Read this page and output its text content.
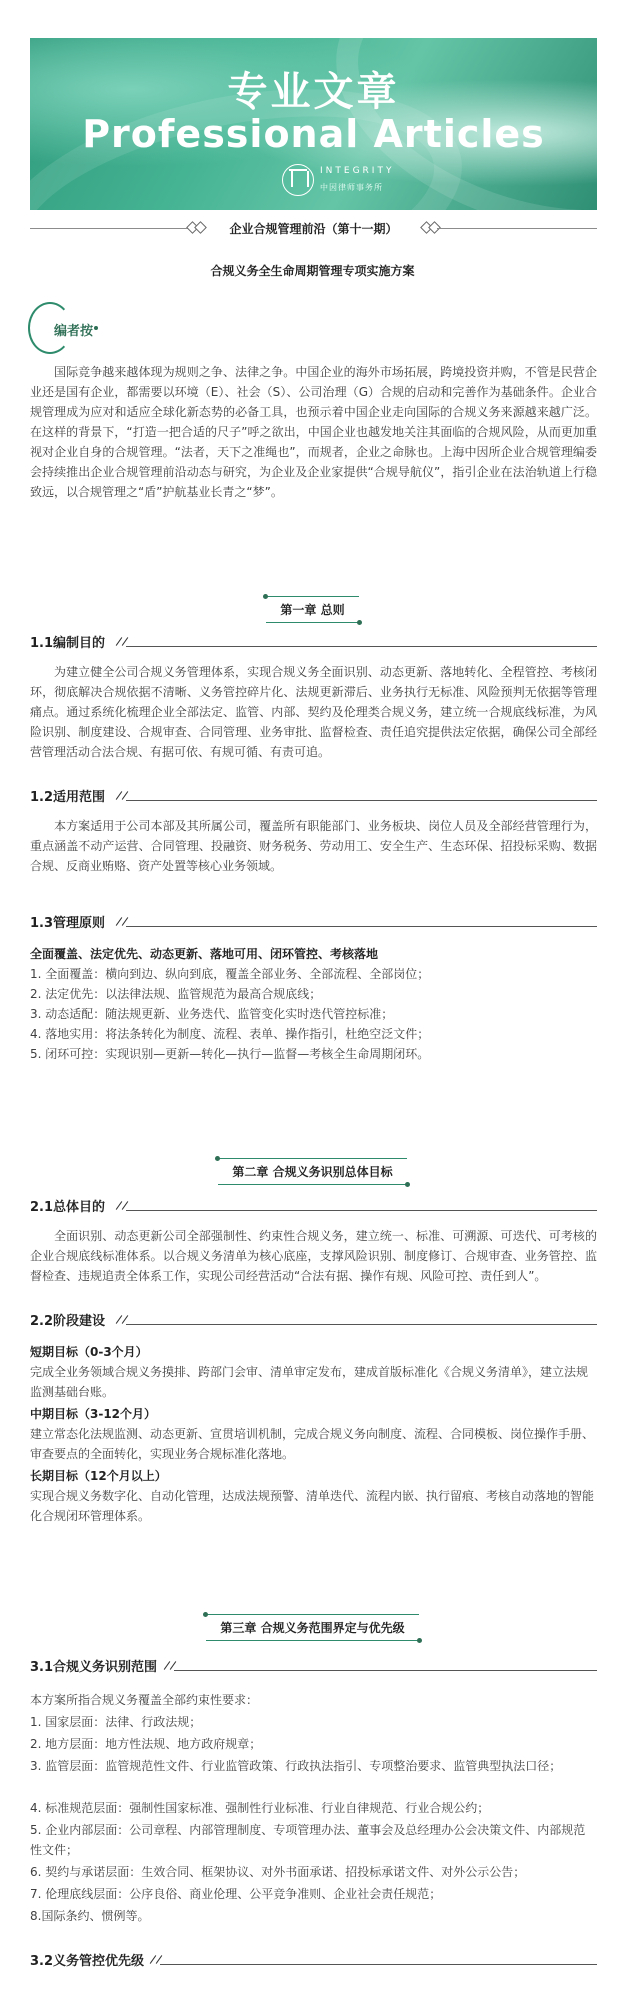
专业文章
Professional Articles
INTEGRITY
中因律师事务所
企业合规管理前沿（第十一期）
合规义务全生命周期管理专项实施方案
编者按
国际竞争越来越体现为规则之争、法律之争。中国企业的海外市场拓展，跨境投资并购，不管是民营企业还是国有企业，都需要以环境（E）、社会（S）、公司治理（G）合规的启动和完善作为基础条件。企业合规管理成为应对和适应全球化新态势的必备工具，也预示着中国企业走向国际的合规义务来源越来越广泛。在这样的背景下，“打造一把合适的尺子”呼之欲出，中国企业也越发地关注其面临的合规风险，从而更加重视对企业自身的合规管理。“法者，天下之准绳也”，而规者，企业之命脉也。上海中因所企业合规管理编委会持续推出企业合规管理前沿动态与研究，为企业及企业家提供“合规导航仪”，指引企业在法治轨道上行稳致远，以合规管理之“盾”护航基业长青之“梦”。
第一章 总则
1.1编制目的
为建立健全公司合规义务管理体系，实现合规义务全面识别、动态更新、落地转化、全程管控、考核闭环，彻底解决合规依据不清晰、义务管控碎片化、法规更新滞后、业务执行无标准、风险预判无依据等管理痛点。通过系统化梳理企业全部法定、监管、内部、契约及伦理类合规义务，建立统一合规底线标准，为风险识别、制度建设、合规审查、合同管理、业务审批、监督检查、责任追究提供法定依据，确保公司全部经营管理活动合法合规、有据可依、有规可循、有责可追。
1.2适用范围
本方案适用于公司本部及其所属公司，覆盖所有职能部门、业务板块、岗位人员及全部经营管理行为，重点涵盖不动产运营、合同管理、投融资、财务税务、劳动用工、安全生产、生态环保、招投标采购、数据合规、反商业贿赂、资产处置等核心业务领域。
1.3管理原则
全面覆盖、法定优先、动态更新、落地可用、闭环管控、考核落地
1. 全面覆盖：横向到边、纵向到底，覆盖全部业务、全部流程、全部岗位；
2. 法定优先：以法律法规、监管规范为最高合规底线；
3. 动态适配：随法规更新、业务迭代、监管变化实时迭代管控标准；
4. 落地实用：将法条转化为制度、流程、表单、操作指引，杜绝空泛文件；
5. 闭环可控：实现识别—更新—转化—执行—监督—考核全生命周期闭环。
第二章 合规义务识别总体目标
2.1总体目的
全面识别、动态更新公司全部强制性、约束性合规义务，建立统一、标准、可溯源、可迭代、可考核的企业合规底线标准体系。以合规义务清单为核心底座，支撑风险识别、制度修订、合规审查、业务管控、监督检查、违规追责全体系工作，实现公司经营活动“合法有据、操作有规、风险可控、责任到人”。
2.2阶段建设
短期目标（0-3个月）
完成全业务领域合规义务摸排、跨部门会审、清单审定发布，建成首版标准化《合规义务清单》，建立法规监测基础台账。
中期目标（3-12个月）
建立常态化法规监测、动态更新、宣贯培训机制，完成合规义务向制度、流程、合同模板、岗位操作手册、审查要点的全面转化，实现业务合规标准化落地。
长期目标（12个月以上）
实现合规义务数字化、自动化管理，达成法规预警、清单迭代、流程内嵌、执行留痕、考核自动落地的智能化合规闭环管理体系。
第三章 合规义务范围界定与优先级
3.1合规义务识别范围
本方案所指合规义务覆盖全部约束性要求：
1. 国家层面：法律、行政法规；
2. 地方层面：地方性法规、地方政府规章；
3. 监管层面：监管规范性文件、行业监管政策、行政执法指引、专项整治要求、监管典型执法口径；
4. 标准规范层面：强制性国家标准、强制性行业标准、行业自律规范、行业合规公约；
5. 企业内部层面：公司章程、内部管理制度、专项管理办法、董事会及总经理办公会决策文件、内部规范性文件；
6. 契约与承诺层面：生效合同、框架协议、对外书面承诺、招投标承诺文件、对外公示公告；
7. 伦理底线层面：公序良俗、商业伦理、公平竞争准则、企业社会责任规范；
8.国际条约、惯例等。
3.2义务管控优先级
